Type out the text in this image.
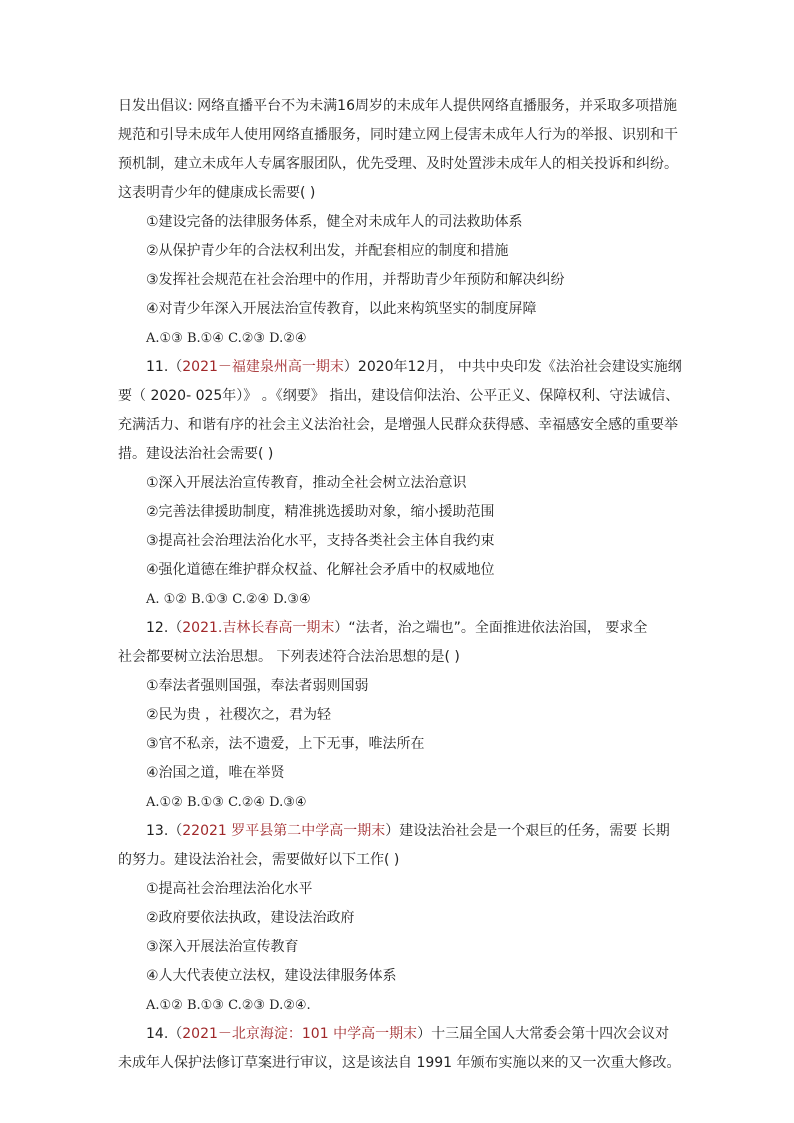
日发出倡议: 网络直播平台不为未满16周岁的未成年人提供网络直播服务，并采取多项措施
规范和引导未成年人使用网络直播服务，同时建立网上侵害未成年人行为的举报、识别和干
预机制，建立未成年人专属客服团队，优先受理、及时处置涉未成年人的相关投诉和纠纷。
这表明青少年的健康成长需要( )
①建设完备的法律服务体系，健全对未成年人的司法救助体系
②从保护青少年的合法权利出发，并配套相应的制度和措施
③发挥社会规范在社会治理中的作用，并帮助青少年预防和解决纠纷
④对青少年深入开展法治宣传教育，以此来构筑坚实的制度屏障
A.①③ B.①④ C.②③ D.②④
11.（2021－福建泉州高一期末）2020年12月， 中共中央印发《法治社会建设实施纲
要（ 2020- 025年）》 。《纲要》 指出，建设信仰法治、公平正义、保障权利、守法诚信、
充满活力、和谐有序的社会主义法治社会，是增强人民群众获得感、幸福感安全感的重要举
措。建设法治社会需要( )
①深入开展法治宣传教育，推动全社会树立法治意识
②完善法律援助制度，精准挑选援助对象，缩小援助范围
③提高社会治理法治化水平，支持各类社会主体自我约束
④强化道德在维护群众权益、化解社会矛盾中的权威地位
A. ①② B.①③ C.②④ D.③④
12.（2021.吉林长春高一期末）“法者，治之端也”。全面推进依法治国， 要求全
社会都要树立法治思想。 下列表述符合法治思想的是( )
①奉法者强则国强，奉法者弱则国弱
②民为贵 ，社稷次之，君为轻
③官不私亲，法不遗爱，上下无事，唯法所在
④治国之道，唯在举贤
A.①② B.①③ C.②④ D.③④
13.（22021 罗平县第二中学高一期末）建设法治社会是一个艰巨的任务，需要 长期
的努力。建设法治社会，需要做好以下工作( )
①提高社会治理法治化水平
②政府要依法执政，建设法治政府
③深入开展法治宣传教育
④人大代表使立法权，建设法律服务体系
A.①② B.①③ C.②③ D.②④.
14.（2021－北京海淀：101 中学高一期末）十三届全国人大常委会第十四次会议对
未成年人保护法修订草案进行审议，这是该法自 1991 年颁布实施以来的又一次重大修改。
